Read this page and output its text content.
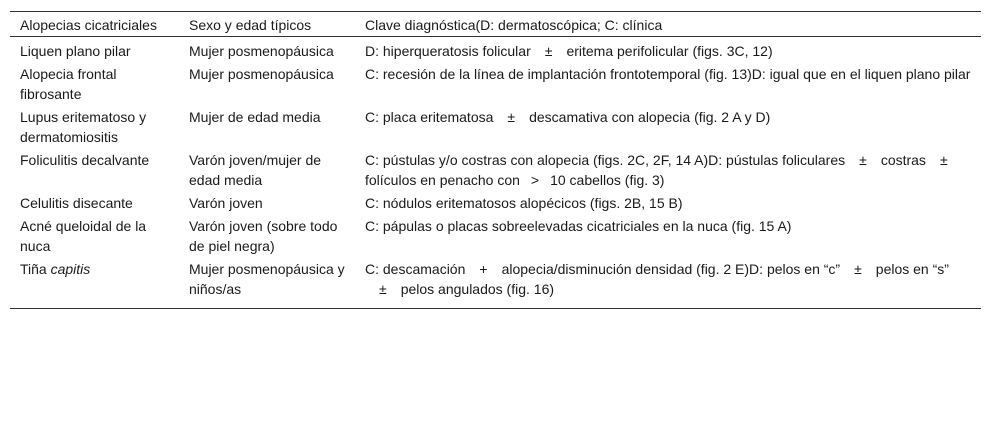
Alopecias cicatriciales	Sexo y edad típicos	Clave diagnóstica(D: dermatoscópica; C: clínica
Liquen plano pilar	Mujer posmenopáusica	D: hiperqueratosis folicular ± eritema perifolicular (figs. 3C, 12)
Alopecia frontal fibrosante	Mujer posmenopáusica	C: recesión de la línea de implantación frontotemporal (fig. 13)D: igual que en el liquen plano pilar
Lupus eritematoso y dermatomiositis	Mujer de edad media	C: placa eritematosa ± descamativa con alopecia (fig. 2 A y D)
Foliculitis decalvante	Varón joven/mujer de edad media	C: pústulas y/o costras con alopecia (figs. 2C, 2F, 14 A)D: pústulas foliculares ± costras ±folículos en penacho con > 10 cabellos (fig. 3)
Celulitis disecante	Varón joven	C: nódulos eritematosos alopécicos (figs. 2B, 15 B)
Acné queloidal de la nuca	Varón joven (sobre todo de piel negra)	C: pápulas o placas sobreelevadas cicatriciales en la nuca (fig. 15 A)
Tiña capitis	Mujer posmenopáusica y niños/as	C: descamación + alopecia/disminución densidad (fig. 2 E)D: pelos en “c” ± pelos en “s”± pelos angulados (fig. 16)
